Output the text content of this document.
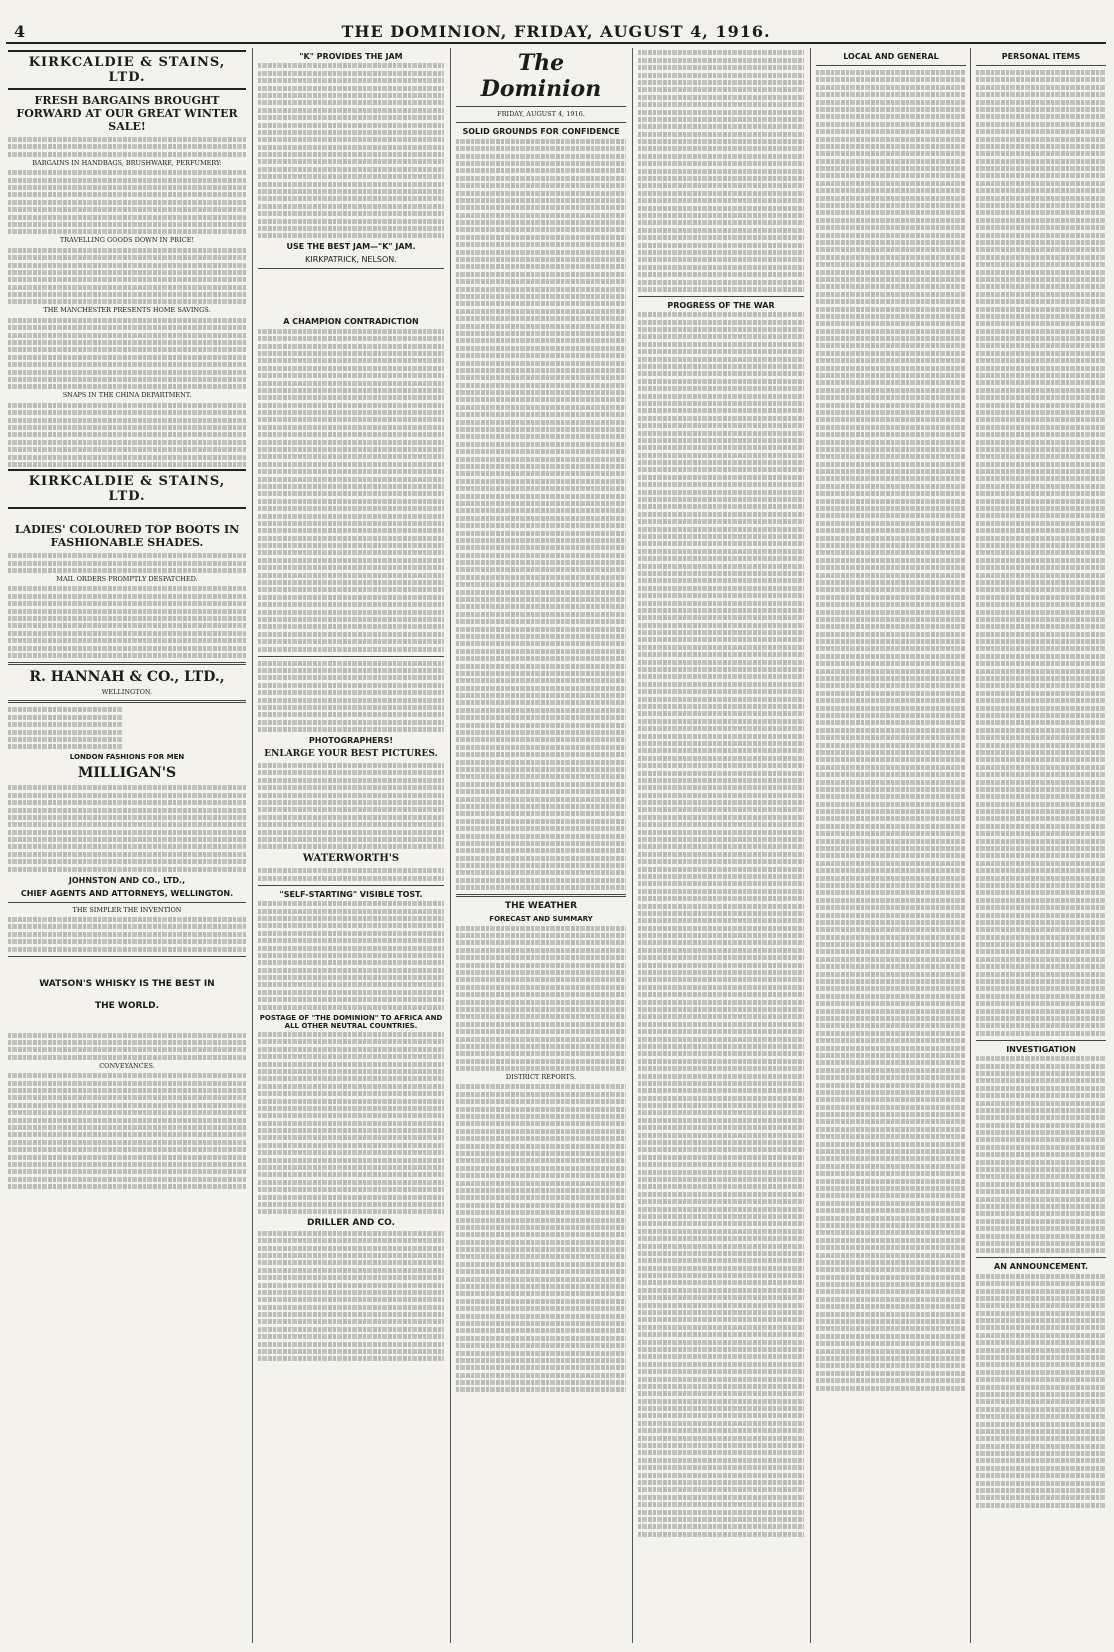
4	THE DOMINION, FRIDAY, AUGUST 4, 1916.
KIRKCALDIE & STAINS, LTD.
FRESH BARGAINS BROUGHT FORWARD AT OUR GREAT WINTER SALE!
BARGAINS IN HANDBAGS, BRUSHWARE, PERFUMERY:
TRAVELLING GOODS DOWN IN PRICE!
THE MANCHESTER PRESENTS HOME SAVINGS.
SNAPS IN THE CHINA DEPARTMENT.
KIRKCALDIE & STAINS, LTD.
LADIES' COLOURED TOP BOOTS IN FASHIONABLE SHADES.
MAIL ORDERS PROMPTLY DESPATCHED.
R. HANNAH & CO., LTD.,
WELLINGTON.
LONDON FASHIONS FOR MEN
MILLIGAN'S
JOHNSTON AND CO., LTD.,
CHIEF AGENTS AND ATTORNEYS, WELLINGTON.
THE SIMPLER THE INVENTION
WATSON'S WHISKY IS THE BEST IN THE WORLD.
CONVEYANCES.
"K" PROVIDES THE JAM
USE THE BEST JAM—"K" JAM.
KIRKPATRICK, NELSON.
A CHAMPION CONTRADICTION
PHOTOGRAPHERS!
ENLARGE YOUR BEST PICTURES.
WATERWORTH'S
"SELF-STARTING" VISIBLE TOST.
POSTAGE OF "THE DOMINION" TO AFRICA AND ALL OTHER NEUTRAL COUNTRIES.
DRILLER AND CO.
The Dominion
FRIDAY, AUGUST 4, 1916.
SOLID GROUNDS FOR CONFIDENCE
THE WEATHER
FORECAST AND SUMMARY
DISTRICT REPORTS.
PROGRESS OF THE WAR
LOCAL AND GENERAL	PERSONAL ITEMS
INVESTIGATION
AN ANNOUNCEMENT.
